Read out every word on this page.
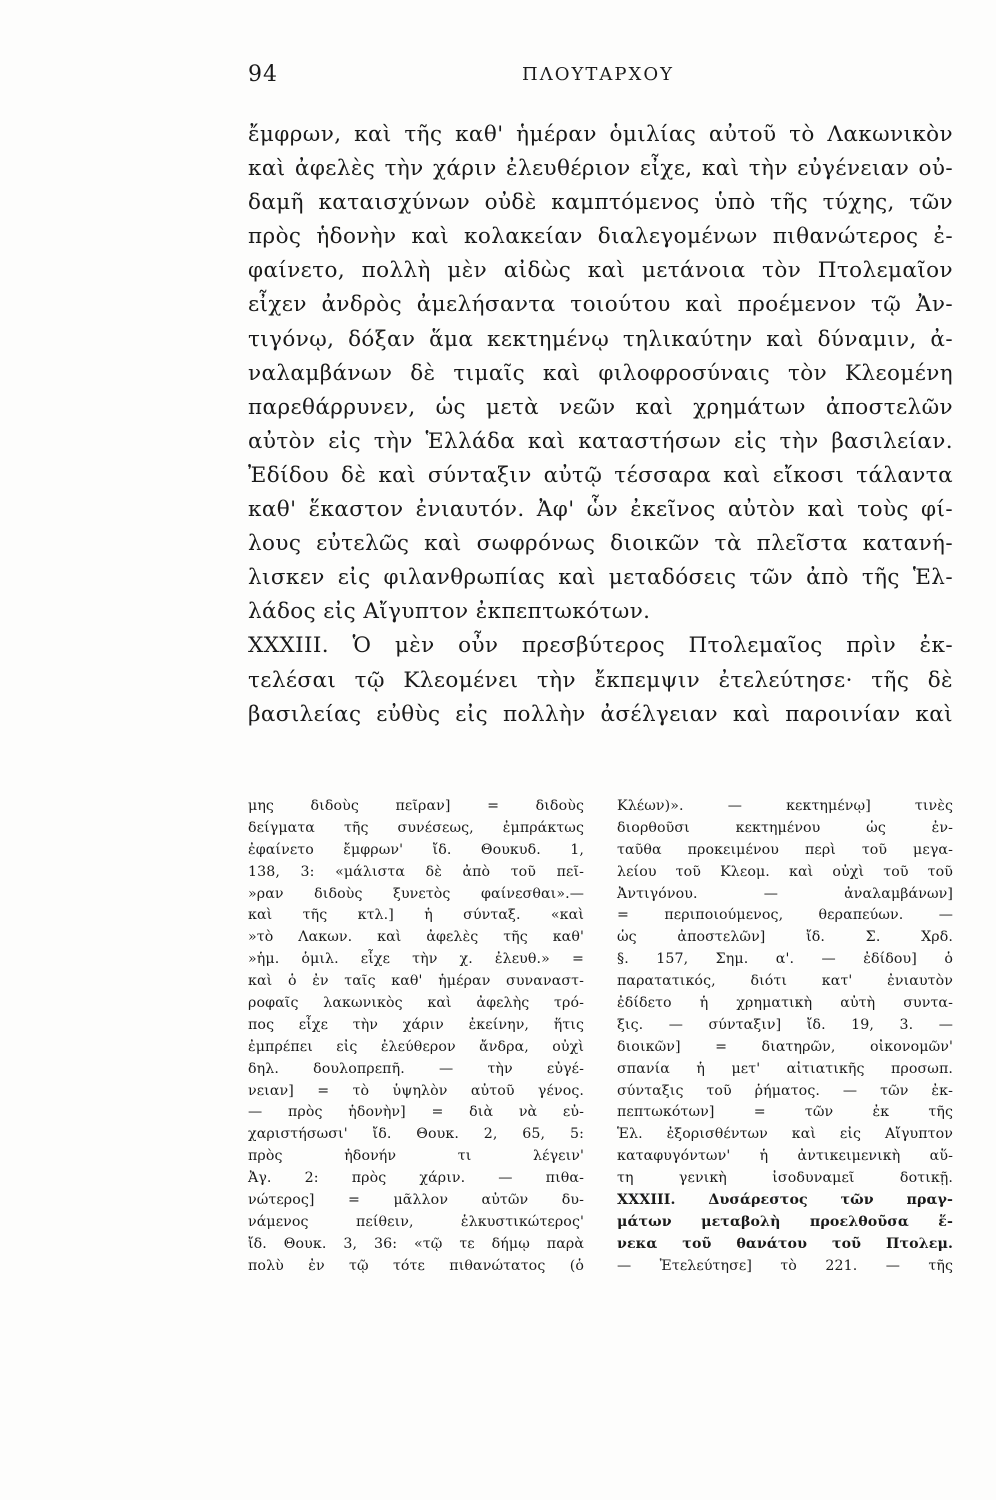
94	ΠΛΟΥΤΑΡΧΟΥ
ἔμφρων, καὶ τῆς καθ' ἡμέραν ὁμιλίας αὐτοῦ τὸ Λακωνικὸν
καὶ ἀφελὲς τὴν χάριν ἐλευθέριον εἶχε, καὶ τὴν εὐγένειαν οὐ-
δαμῆ καταισχύνων οὐδὲ καμπτόμενος ὑπὸ τῆς τύχης, τῶν
πρὸς ἡδονὴν καὶ κολακείαν διαλεγομένων πιθανώτερος ἐ-
φαίνετο, πολλὴ μὲν αἰδὼς καὶ μετάνοια τὸν Πτολεμαῖον
εἶχεν ἀνδρὸς ἀμελήσαντα τοιούτου καὶ προέμενον τῷ Ἀν-
τιγόνῳ, δόξαν ἅμα κεκτημένῳ τηλικαύτην καὶ δύναμιν, ἀ-
ναλαμβάνων δὲ τιμαῖς καὶ φιλοφροσύναις τὸν Κλεομένη
παρεθάρρυνεν, ὡς μετὰ νεῶν καὶ χρημάτων ἀποστελῶν
αὐτὸν εἰς τὴν Ἑλλάδα καὶ καταστήσων εἰς τὴν βασιλείαν.
Ἐδίδου δὲ καὶ σύνταξιν αὐτῷ τέσσαρα καὶ εἴκοσι τάλαντα
καθ' ἕκαστον ἐνιαυτόν. Ἀφ' ὧν ἐκεῖνος αὐτὸν καὶ τοὺς φί-
λους εὐτελῶς καὶ σωφρόνως διοικῶν τὰ πλεῖστα κατανή-
λισκεν εἰς φιλανθρωπίας καὶ μεταδόσεις τῶν ἀπὸ τῆς Ἑλ-
λάδος εἰς Αἴγυπτον ἐκπεπτωκότων.
XXXIII. Ὁ μὲν οὖν πρεσβύτερος Πτολεμαῖος πρὶν ἐκ-
τελέσαι τῷ Κλεομένει τὴν ἔκπεμψιν ἐτελεύτησε· τῆς δὲ
βασιλείας εὐθὺς εἰς πολλὴν ἀσέλγειαν καὶ παροινίαν καὶ
μης διδοὺς πεῖραν] = διδοὺς
δείγματα τῆς συνέσεως, ἐμπράκτως
ἐφαίνετο ἔμφρων' ἴδ. Θουκυδ. 1,
138, 3: «μάλιστα δὲ ἀπὸ τοῦ πεῖ-
»ραν διδοὺς ξυνετὸς φαίνεσθαι».—
καὶ τῆς κτλ.] ἡ σύνταξ. «καὶ
»τὸ Λακων. καὶ ἀφελὲς τῆς καθ'
»ἡμ. ὁμιλ. εἶχε τὴν χ. ἐλευθ.» =
καὶ ὁ ἐν ταῖς καθ' ἡμέραν συναναστ-
ροφαῖς λακωνικὸς καὶ ἀφελὴς τρό-
πος εἶχε τὴν χάριν ἐκείνην, ἥτις
ἐμπρέπει εἰς ἐλεύθερον ἄνδρα, οὐχὶ
δηλ. δουλοπρεπῆ. — τὴν εὐγέ-
νειαν] = τὸ ὑψηλὸν αὐτοῦ γένος.
— πρὸς ἡδονὴν] = διὰ νὰ εὐ-
χαριστήσωσι' ἴδ. Θουκ. 2, 65, 5:
πρὸς ἡδονήν τι λέγειν'
Ἀγ. 2: πρὸς χάριν. — πιθα-
νώτερος] = μᾶλλον αὐτῶν δυ-
νάμενος πείθειν, ἑλκυστικώτερος'
ἴδ. Θουκ. 3, 36: «τῷ τε δήμῳ παρὰ
πολὺ ἐν τῷ τότε πιθανώτατος (ὁ
Κλέων)». — κεκτημένῳ] τινὲς
διορθοῦσι κεκτημένου ὡς ἐν-
ταῦθα προκειμένου περὶ τοῦ μεγα-
λείου τοῦ Κλεομ. καὶ οὐχὶ τοῦ τοῦ
Ἀντιγόνου. — ἀναλαμβάνων]
= περιποιούμενος, θεραπεύων. —
ὡς ἀποστελῶν] ἴδ. Σ. Χρδ.
§. 157, Σημ. α'. — ἐδίδου] ὁ
παρατατικός, διότι κατ' ἐνιαυτὸν
ἐδίδετο ἡ χρηματικὴ αὐτὴ συντα-
ξις. — σύνταξιν] ἴδ. 19, 3. —
διοικῶν] = διατηρῶν, οἰκονομῶν'
σπανία ἡ μετ' αἰτιατικῆς προσωπ.
σύνταξις τοῦ ῥήματος. — τῶν ἐκ-
πεπτωκότων] = τῶν ἐκ τῆς
Ἑλ. ἐξορισθέντων καὶ εἰς Αἴγυπτον
καταφυγόντων' ἡ ἀντικειμενικὴ αὕ-
τη γενικὴ ἰσοδυναμεῖ δοτικῇ.
XXXIII. Δυσάρεστος τῶν πραγ-
μάτων μεταβολὴ προελθοῦσα ἕ-
νεκα τοῦ θανάτου τοῦ Πτολεμ.
— Ἐτελεύτησε] τὸ 221. — τῆς
